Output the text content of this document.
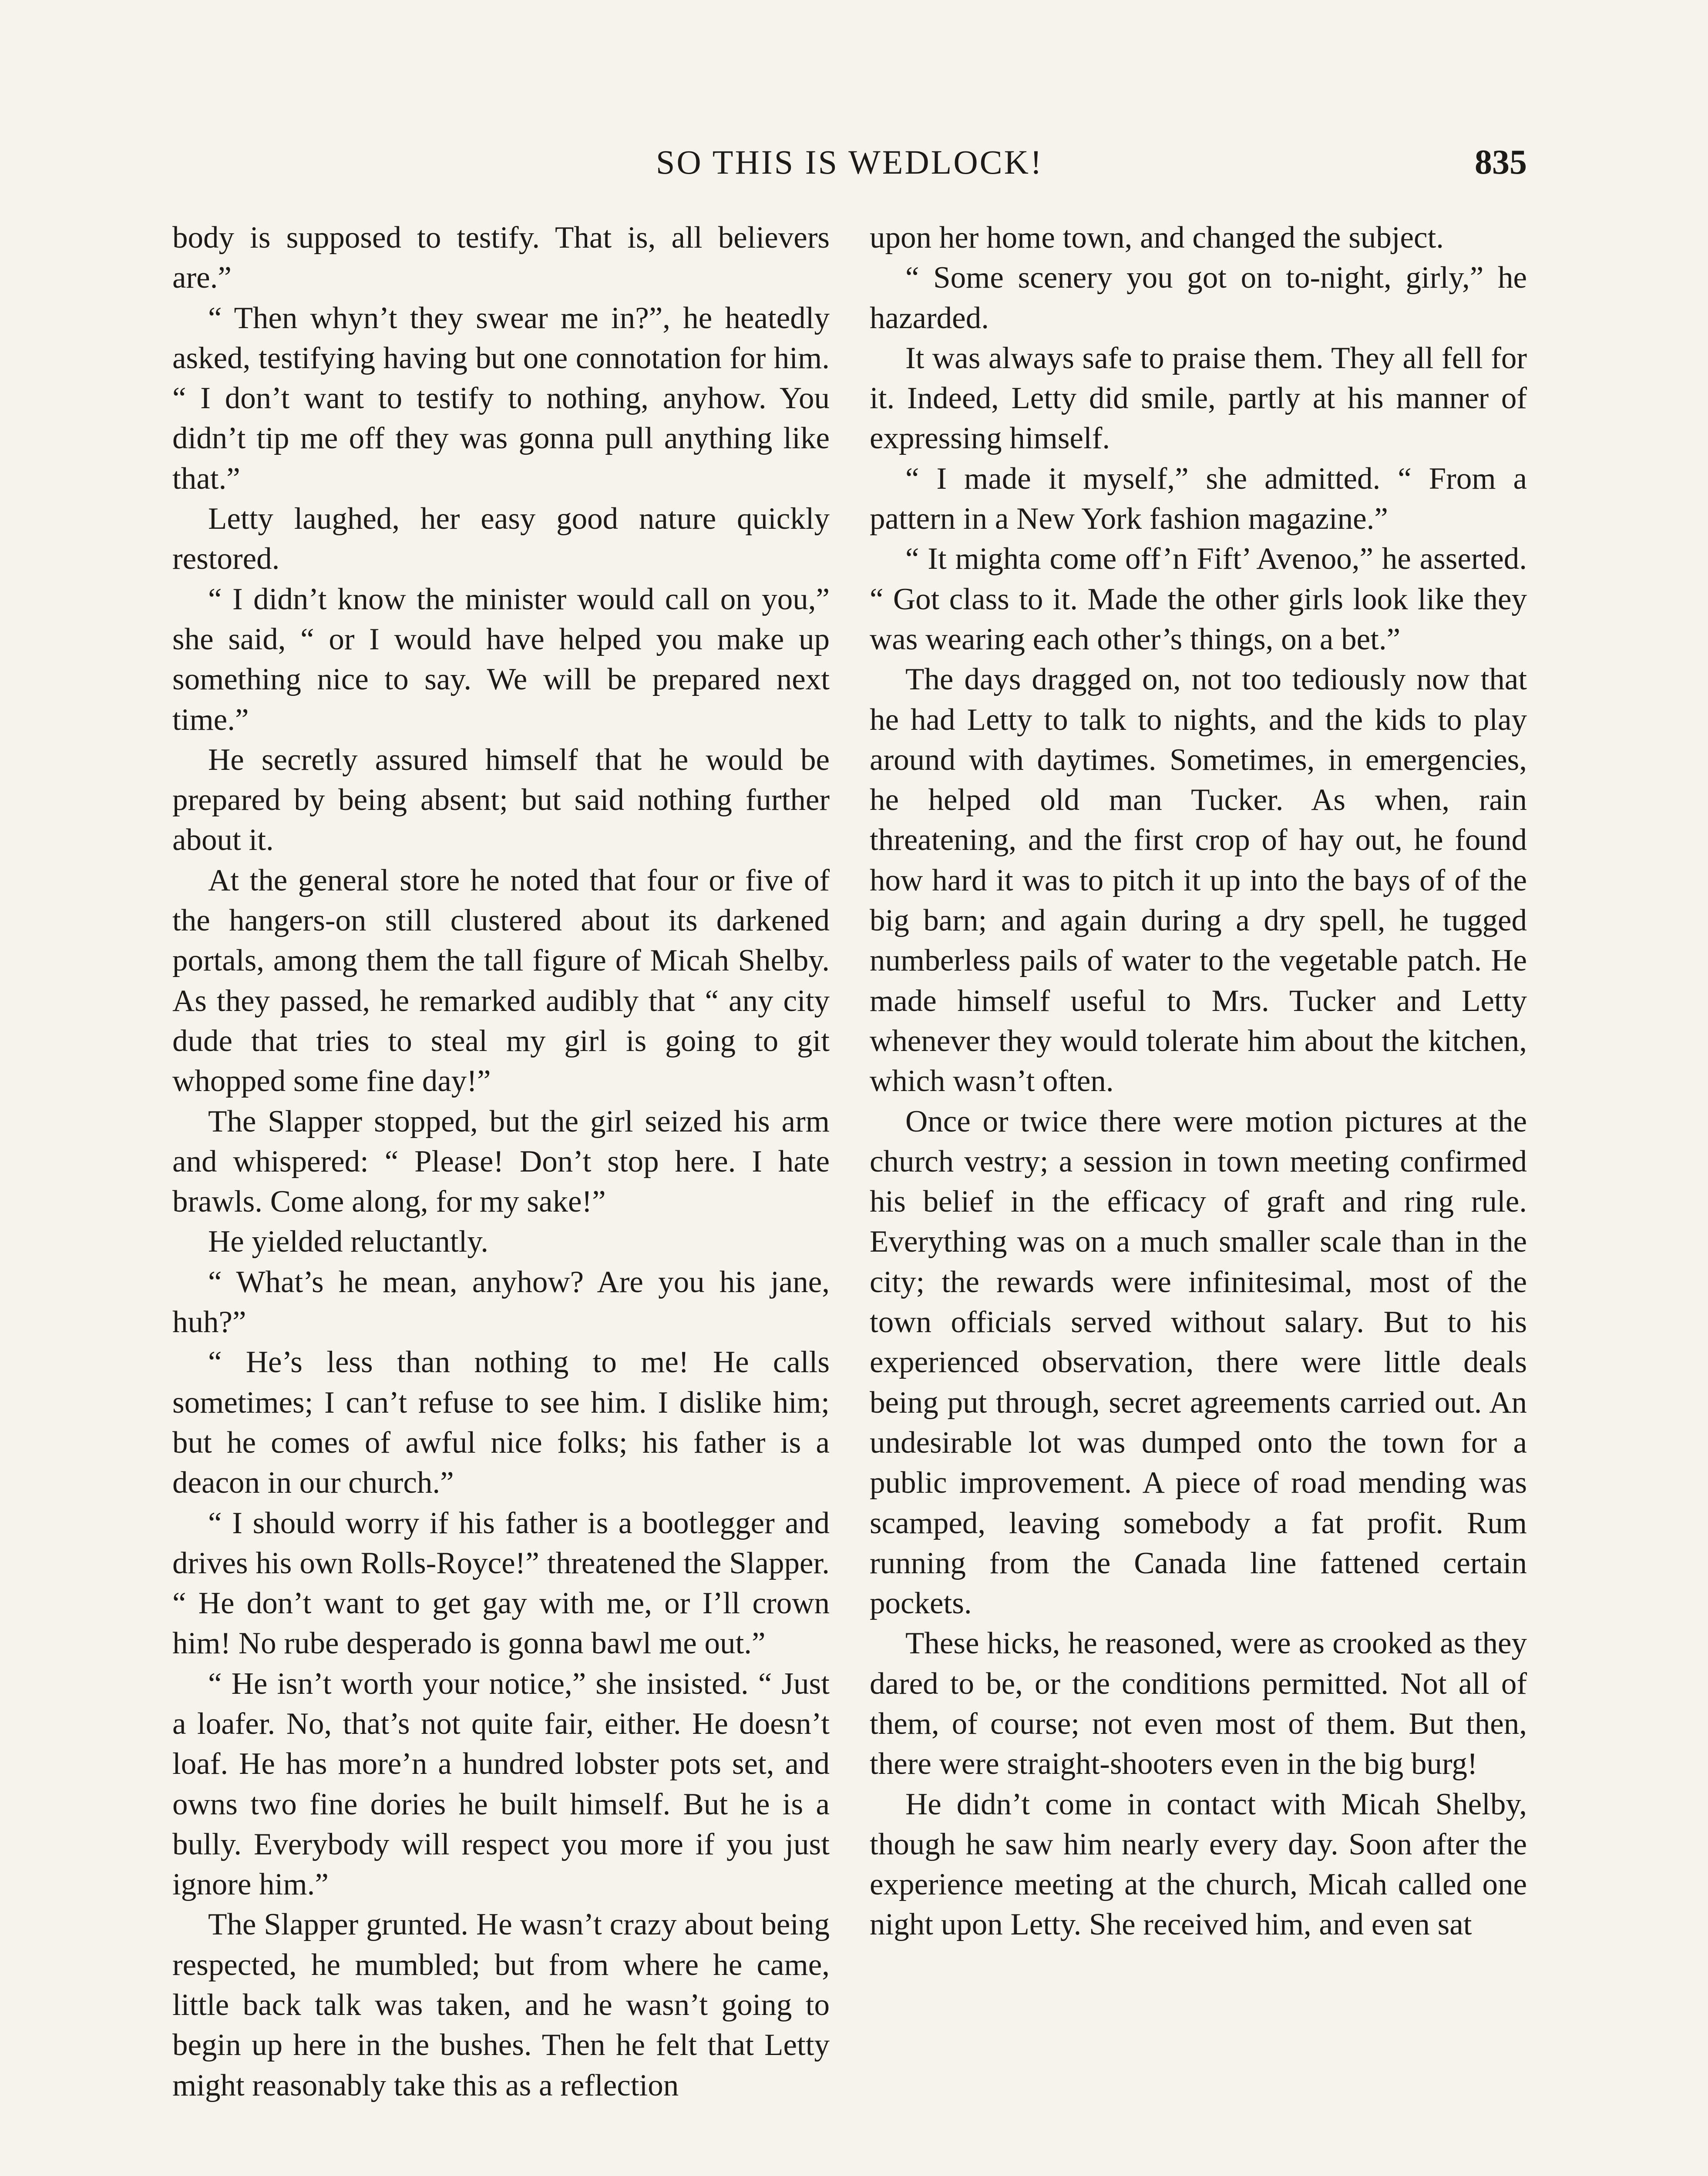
SO THIS IS WEDLOCK!	835

body is supposed to testify. That is, all believers are.”

“ Then whyn’t they swear me in?”, he heatedly asked, testifying having but one connotation for him. “ I don’t want to testify to nothing, anyhow. You didn’t tip me off they was gonna pull anything like that.”

Letty laughed, her easy good nature quickly restored.

“ I didn’t know the minister would call on you,” she said, “ or I would have helped you make up something nice to say. We will be prepared next time.”

He secretly assured himself that he would be prepared by being absent; but said nothing further about it.

At the general store he noted that four or five of the hangers-on still clustered about its darkened portals, among them the tall figure of Micah Shelby. As they passed, he remarked audibly that “ any city dude that tries to steal my girl is going to git whopped some fine day!”

The Slapper stopped, but the girl seized his arm and whispered: “ Please! Don’t stop here. I hate brawls. Come along, for my sake!”

He yielded reluctantly.

“ What’s he mean, anyhow? Are you his jane, huh?”

“ He’s less than nothing to me! He calls sometimes; I can’t refuse to see him. I dislike him; but he comes of awful nice folks; his father is a deacon in our church.”

“ I should worry if his father is a bootlegger and drives his own Rolls-Royce!” threatened the Slapper. “ He don’t want to get gay with me, or I’ll crown him! No rube desperado is gonna bawl me out.”

“ He isn’t worth your notice,” she insisted. “ Just a loafer. No, that’s not quite fair, either. He doesn’t loaf. He has more’n a hundred lobster pots set, and owns two fine dories he built himself. But he is a bully. Everybody will respect you more if you just ignore him.”

The Slapper grunted. He wasn’t crazy about being respected, he mumbled; but from where he came, little back talk was taken, and he wasn’t going to begin up here in the bushes. Then he felt that Letty might reasonably take this as a reflection

upon her home town, and changed the subject.

“ Some scenery you got on to-night, girly,” he hazarded.

It was always safe to praise them. They all fell for it. Indeed, Letty did smile, partly at his manner of expressing himself.

“ I made it myself,” she admitted. “ From a pattern in a New York fashion magazine.”

“ It mighta come off’n Fift’ Avenoo,” he asserted. “ Got class to it. Made the other girls look like they was wearing each other’s things, on a bet.”

The days dragged on, not too tediously now that he had Letty to talk to nights, and the kids to play around with daytimes. Sometimes, in emergencies, he helped old man Tucker. As when, rain threatening, and the first crop of hay out, he found how hard it was to pitch it up into the bays of of the big barn; and again during a dry spell, he tugged numberless pails of water to the vegetable patch. He made himself useful to Mrs. Tucker and Letty whenever they would tolerate him about the kitchen, which wasn’t often.

Once or twice there were motion pictures at the church vestry; a session in town meeting confirmed his belief in the efficacy of graft and ring rule. Everything was on a much smaller scale than in the city; the rewards were infinitesimal, most of the town officials served without salary. But to his experienced observation, there were little deals being put through, secret agreements carried out. An undesirable lot was dumped onto the town for a public improvement. A piece of road mending was scamped, leaving somebody a fat profit. Rum running from the Canada line fattened certain pockets.

These hicks, he reasoned, were as crooked as they dared to be, or the conditions permitted. Not all of them, of course; not even most of them. But then, there were straight-shooters even in the big burg!

He didn’t come in contact with Micah Shelby, though he saw him nearly every day. Soon after the experience meeting at the church, Micah called one night upon Letty. She received him, and even sat
